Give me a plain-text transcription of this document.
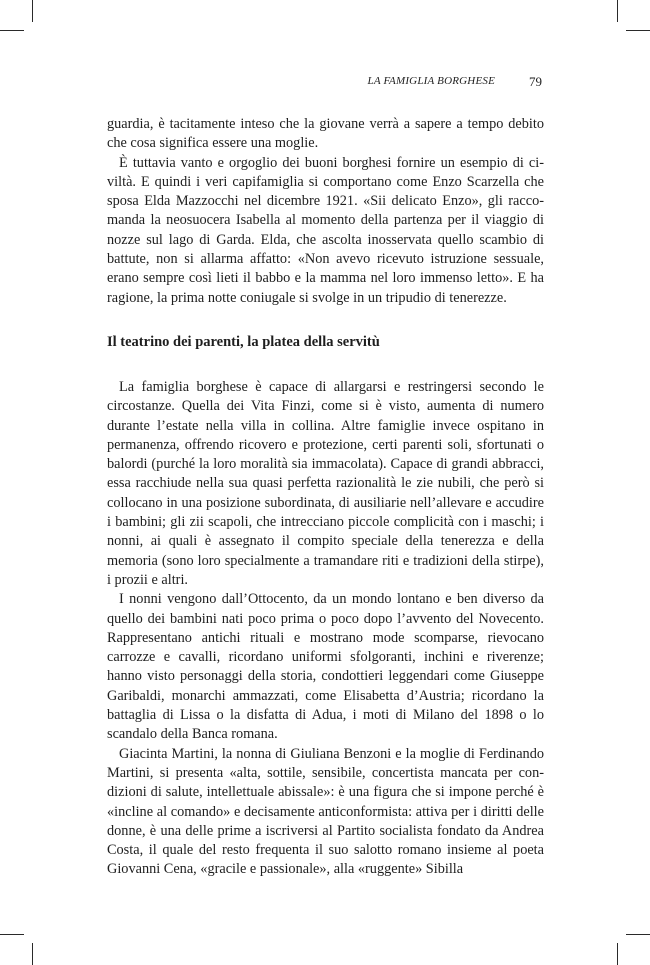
LA FAMIGLIA BORGHESE	79

guardia, è tacitamente inteso che la giovane verrà a sapere a tempo debito che cosa significa essere una moglie.

È tuttavia vanto e orgoglio dei buoni borghesi fornire un esempio di civiltà. E quindi i veri capifamiglia si comportano come Enzo Scarzella che sposa Elda Mazzocchi nel dicembre 1921. «Sii delicato Enzo», gli raccomanda la neosuocera Isabella al momento della partenza per il viaggio di nozze sul lago di Garda. Elda, che ascolta inosservata quello scambio di battute, non si allarma affatto: «Non avevo ricevuto istruzione sessuale, erano sempre così lieti il babbo e la mamma nel loro immenso letto». E ha ragione, la prima notte coniugale si svolge in un tripudio di tenerezze.

Il teatrino dei parenti, la platea della servitù

La famiglia borghese è capace di allargarsi e restringersi secondo le circostanze. Quella dei Vita Finzi, come si è visto, aumenta di numero durante l’estate nella villa in collina. Altre famiglie invece ospitano in permanenza, offrendo ricovero e protezione, certi parenti soli, sfortunati o balordi (purché la loro moralità sia immacolata). Capace di grandi abbracci, essa racchiude nella sua quasi perfetta razionalità le zie nubili, che però si collocano in una posizione subordinata, di ausiliarie nell’allevare e accudire i bambini; gli zii scapoli, che intrecciano piccole complicità con i maschi; i nonni, ai quali è assegnato il compito speciale della tenerezza e della memoria (sono loro specialmente a tramandare riti e tradizioni della stirpe), i prozii e altri.

I nonni vengono dall’Ottocento, da un mondo lontano e ben diverso da quello dei bambini nati poco prima o poco dopo l’avvento del Novecento. Rappresentano antichi rituali e mostrano mode scomparse, rievocano carrozze e cavalli, ricordano uniformi sfolgoranti, inchini e riverenze; hanno visto personaggi della storia, condottieri leggendari come Giuseppe Garibaldi, monarchi ammazzati, come Elisabetta d’Austria; ricordano la battaglia di Lissa o la disfatta di Adua, i moti di Milano del 1898 o lo scandalo della Banca romana.

Giacinta Martini, la nonna di Giuliana Benzoni e la moglie di Ferdinando Martini, si presenta «alta, sottile, sensibile, concertista mancata per condizioni di salute, intellettuale abissale»: è una figura che si impone perché è «incline al comando» e decisamente anticonformista: attiva per i diritti delle donne, è una delle prime a iscriversi al Partito socialista fondato da Andrea Costa, il quale del resto frequenta il suo salotto romano insieme al poeta Giovanni Cena, «gracile e passionale», alla «ruggente» Sibilla
